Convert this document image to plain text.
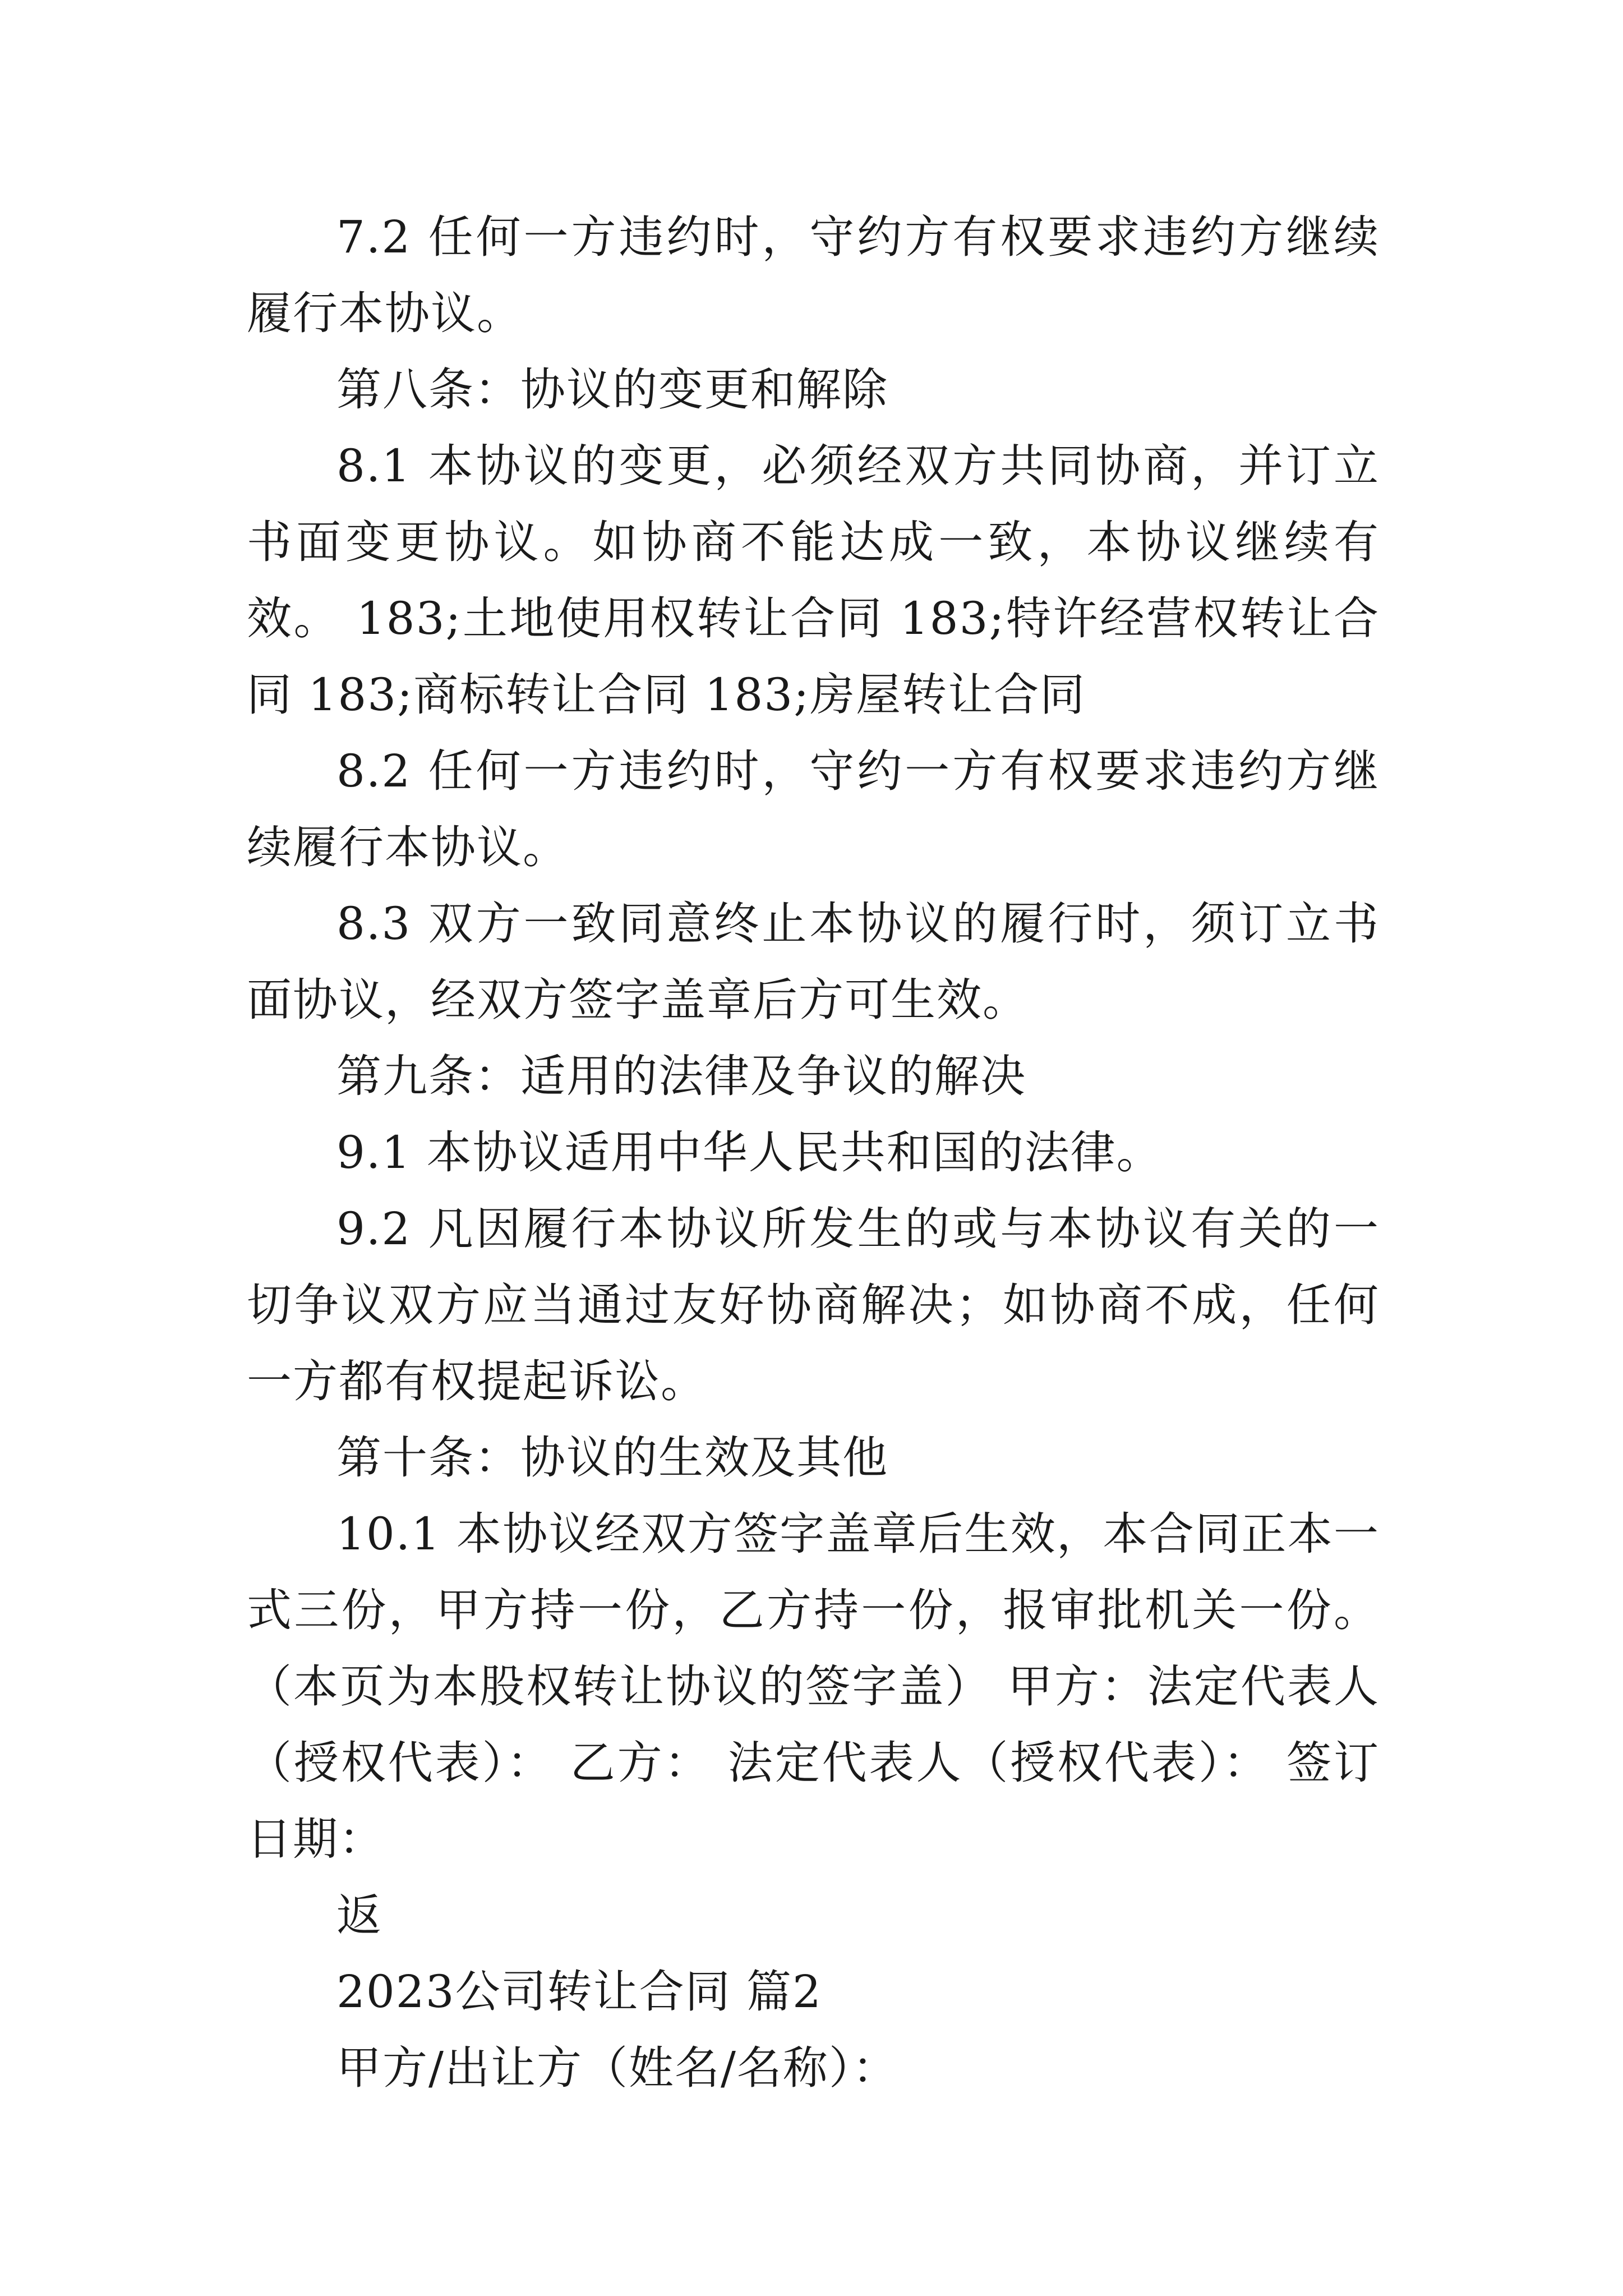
7.2 任何一方违约时，守约方有权要求违约方继续履行本协议。

第八条：协议的变更和解除

8.1 本协议的变更，必须经双方共同协商，并订立书面变更协议。如协商不能达成一致，本协议继续有效。 183;土地使用权转让合同 183;特许经营权转让合同 183;商标转让合同 183;房屋转让合同

8.2 任何一方违约时，守约一方有权要求违约方继续履行本协议。

8.3 双方一致同意终止本协议的履行时，须订立书面协议，经双方签字盖章后方可生效。

第九条：适用的法律及争议的解决

9.1 本协议适用中华人民共和国的法律。

9.2 凡因履行本协议所发生的或与本协议有关的一切争议双方应当通过友好协商解决；如协商不成，任何一方都有权提起诉讼。

第十条：协议的生效及其他

10.1 本协议经双方签字盖章后生效，本合同正本一式三份，甲方持一份，乙方持一份，报审批机关一份。 （本页为本股权转让协议的签字盖） 甲方：法定代表人（授权代表）： 乙方： 法定代表人（授权代表）： 签订日期：

返

2023公司转让合同 篇2

甲方/出让方（姓名/名称）：
